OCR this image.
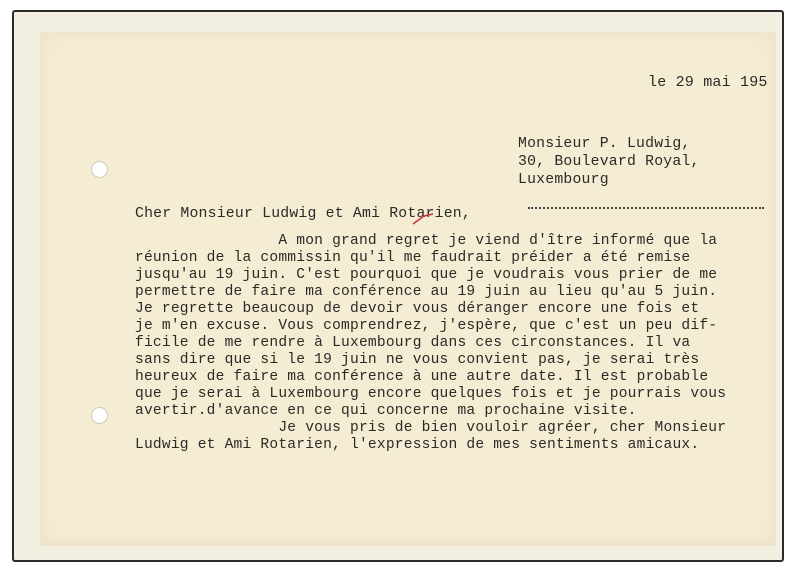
le 29 mai 195
Monsieur P. Ludwig,
30, Boulevard Royal,
Luxembourg
Cher Monsieur Ludwig et Ami Rotarien,
A mon grand regret je viend d'ître informé que la
réunion de la commissin qu'il me faudrait préider a été remise
jusqu'au 19 juin. C'est pourquoi que je voudrais vous prier de me
permettre de faire ma conférence au 19 juin au lieu qu'au 5 juin.
Je regrette beaucoup de devoir vous déranger encore une fois et
je m'en excuse. Vous comprendrez, j'espère, que c'est un peu dif-
ficile de me rendre à Luxembourg dans ces circonstances. Il va
sans dire que si le 19 juin ne vous convient pas, je serai très
heureux de faire ma conférence à une autre date. Il est probable
que je serai à Luxembourg encore quelques fois et je pourrais vous
avertir.d'avance en ce qui concerne ma prochaine visite.
Je vous pris de bien vouloir agréer, cher Monsieur
Ludwig et Ami Rotarien, l'expression de mes sentiments amicaux.
